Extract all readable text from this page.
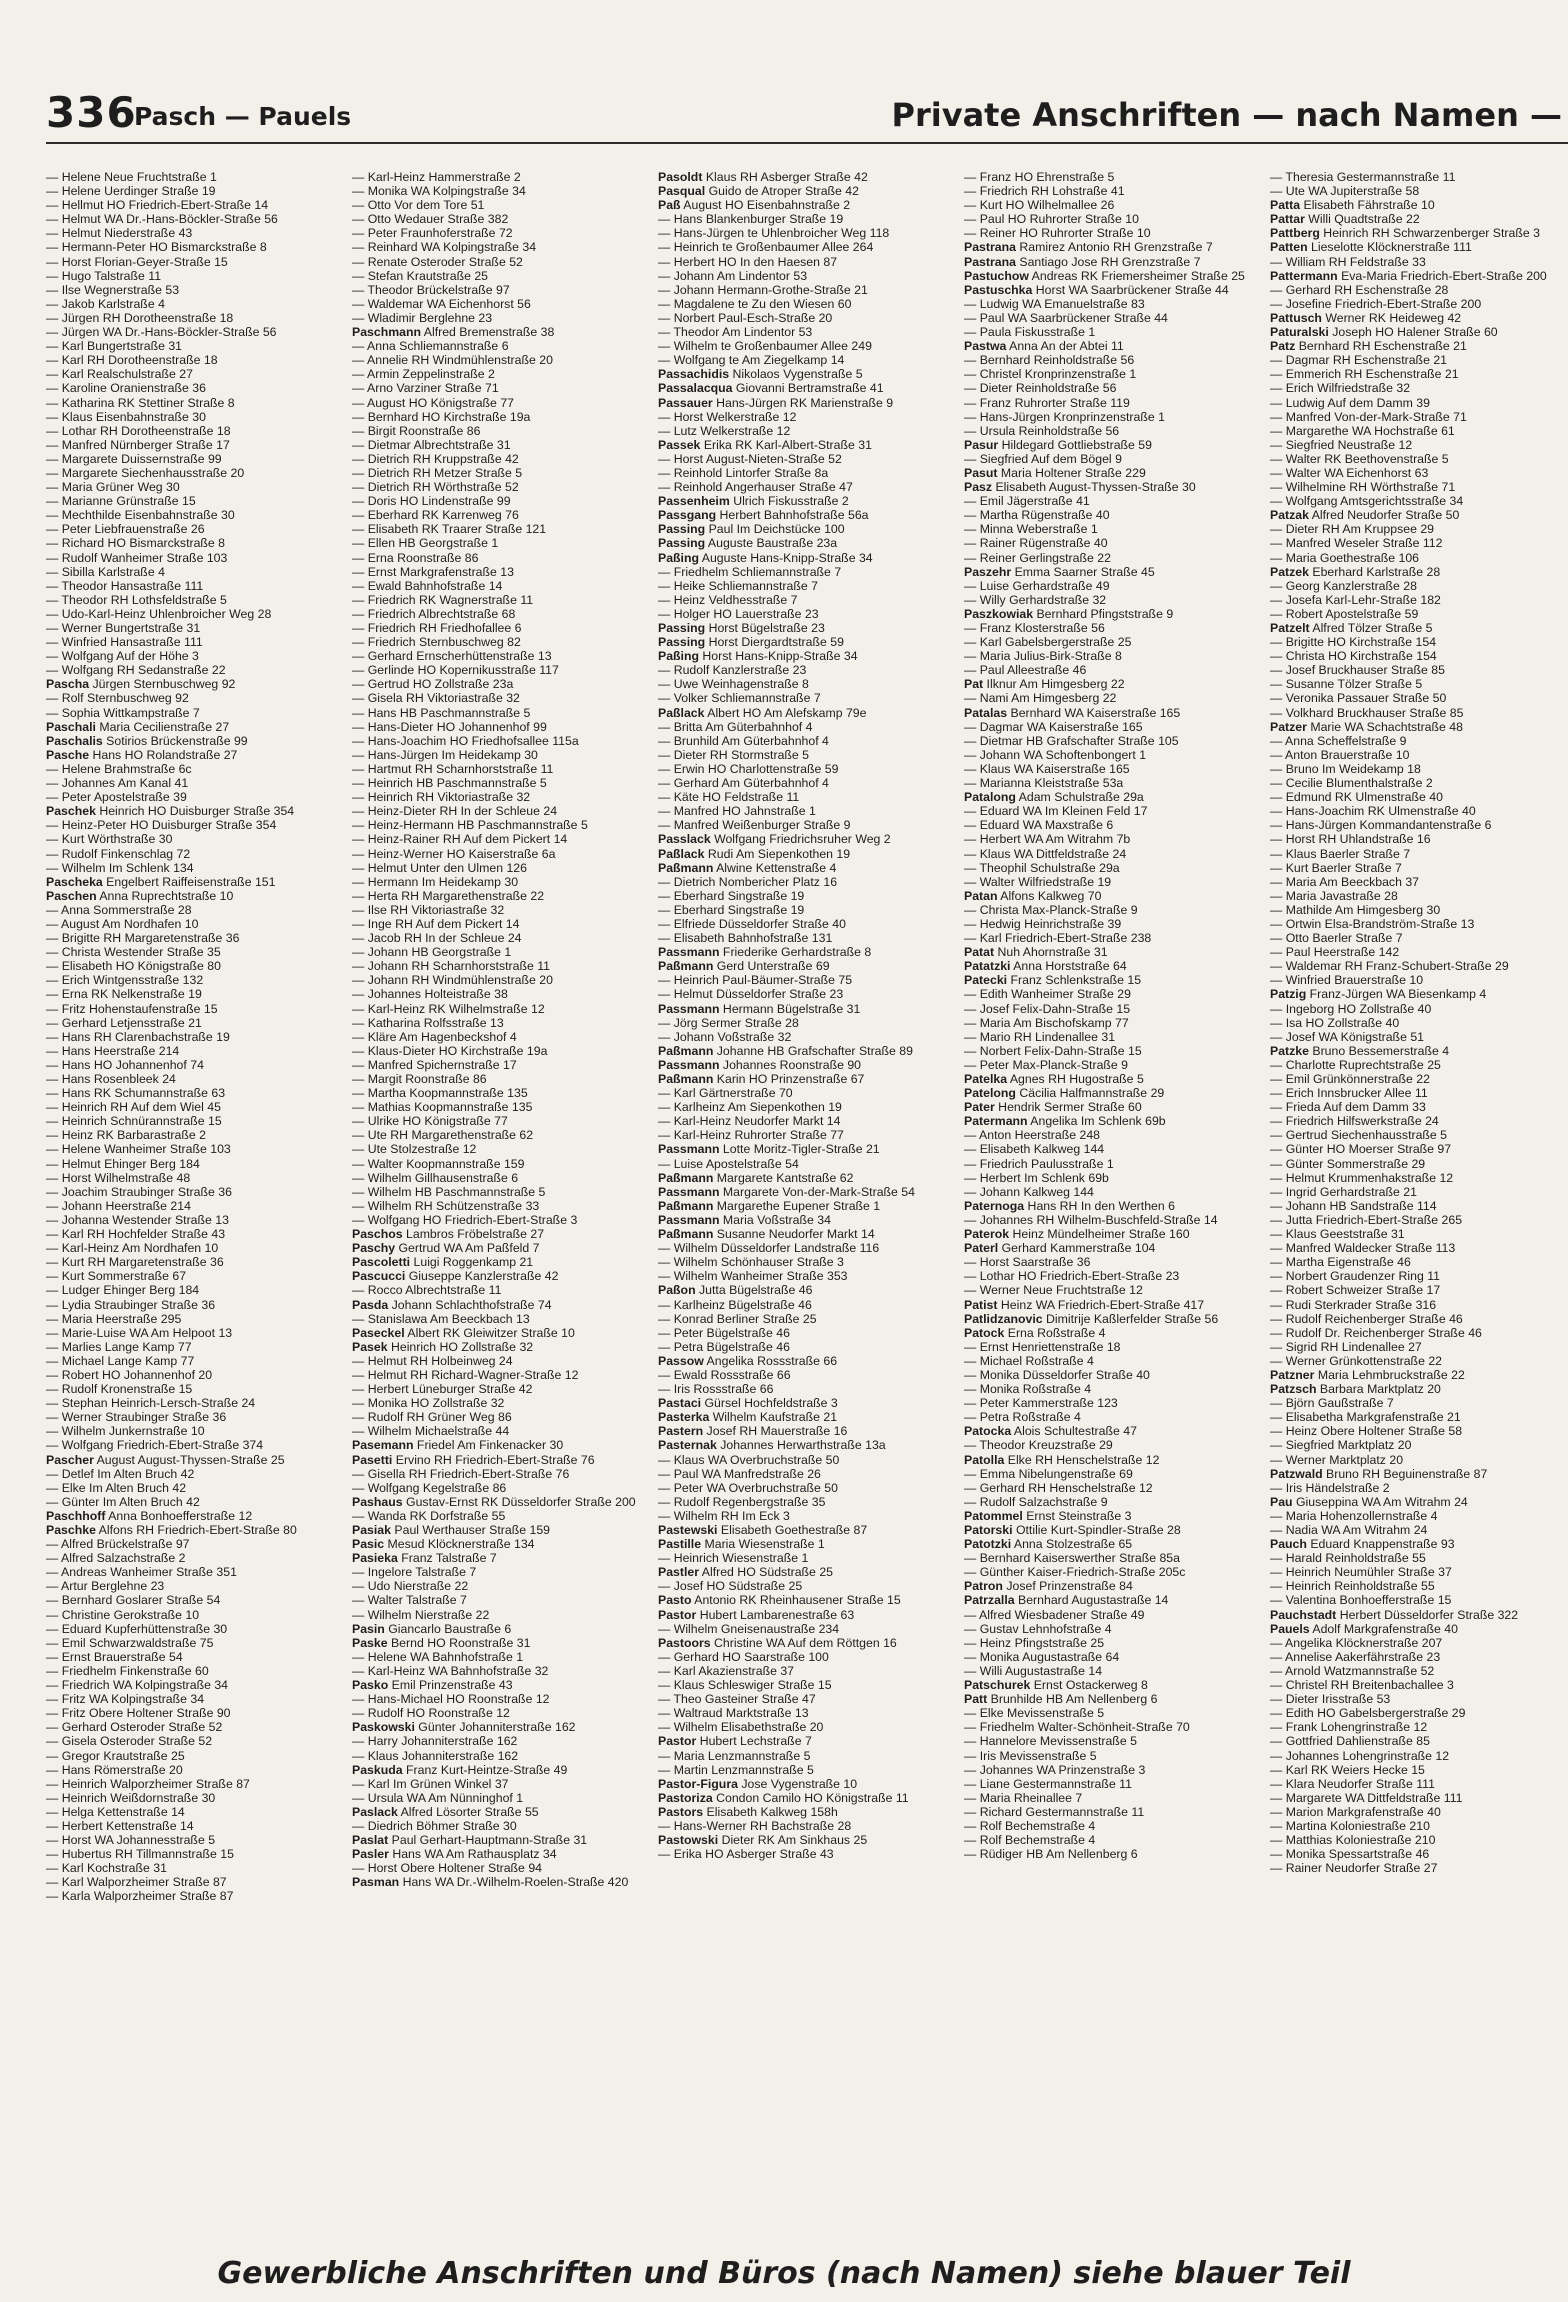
336
Pasch — Pauels	Private Anschriften — nach Namen —
— Helene Neue Fruchtstraße 1
— Helene Uerdinger Straße 19
— Hellmut HO Friedrich-Ebert-Straße 14
— Helmut WA Dr.-Hans-Böckler-Straße 56
— Helmut Niederstraße 43
— Hermann-Peter HO Bismarckstraße 8
— Horst Florian-Geyer-Straße 15
— Hugo Talstraße 11
— Ilse Wegnerstraße 53
— Jakob Karlstraße 4
— Jürgen RH Dorotheenstraße 18
— Jürgen WA Dr.-Hans-Böckler-Straße 56
— Karl Bungertstraße 31
— Karl RH Dorotheenstraße 18
— Karl Realschulstraße 27
— Karoline Oranienstraße 36
— Katharina RK Stettiner Straße 8
— Klaus Eisenbahnstraße 30
— Lothar RH Dorotheenstraße 18
— Manfred Nürnberger Straße 17
— Margarete Duissernstraße 99
— Margarete Siechenhausstraße 20
— Maria Grüner Weg 30
— Marianne Grünstraße 15
— Mechthilde Eisenbahnstraße 30
— Peter Liebfrauenstraße 26
— Richard HO Bismarckstraße 8
— Rudolf Wanheimer Straße 103
— Sibilla Karlstraße 4
— Theodor Hansastraße 111
— Theodor RH Lothsfeldstraße 5
— Udo-Karl-Heinz Uhlenbroicher Weg 28
— Werner Bungertstraße 31
— Winfried Hansastraße 111
— Wolfgang Auf der Höhe 3
— Wolfgang RH Sedanstraße 22
Pascha Jürgen Sternbuschweg 92
— Rolf Sternbuschweg 92
— Sophia Wittkampstraße 7
Paschali Maria Cecilienstraße 27
Paschalis Sotirios Brückenstraße 99
Pasche Hans HO Rolandstraße 27
— Helene Brahmstraße 6c
— Johannes Am Kanal 41
— Peter Apostelstraße 39
Paschek Heinrich HO Duisburger Straße 354
— Heinz-Peter HO Duisburger Straße 354
— Kurt Wörthstraße 30
— Rudolf Finkenschlag 72
— Wilhelm Im Schlenk 134
Pascheka Engelbert Raiffeisenstraße 151
Paschen Anna Ruprechtstraße 10
— Anna Sommerstraße 28
— August Am Nordhafen 10
— Brigitte RH Margaretenstraße 36
— Christa Westender Straße 35
— Elisabeth HO Königstraße 80
— Erich Wintgensstraße 132
— Erna RK Nelkenstraße 19
— Fritz Hohenstaufenstraße 15
— Gerhard Letjensstraße 21
— Hans RH Clarenbachstraße 19
— Hans Heerstraße 214
— Hans HO Johannenhof 74
— Hans Rosenbleek 24
— Hans RK Schumannstraße 63
— Heinrich RH Auf dem Wiel 45
— Heinrich Schnürannstraße 15
— Heinz RK Barbarastraße 2
— Helene Wanheimer Straße 103
— Helmut Ehinger Berg 184
— Horst Wilhelmstraße 48
— Joachim Straubinger Straße 36
— Johann Heerstraße 214
— Johanna Westender Straße 13
— Karl RH Hochfelder Straße 43
— Karl-Heinz Am Nordhafen 10
— Kurt RH Margaretenstraße 36
— Kurt Sommerstraße 67
— Ludger Ehinger Berg 184
— Lydia Straubinger Straße 36
— Maria Heerstraße 295
— Marie-Luise WA Am Helpoot 13
— Marlies Lange Kamp 77
— Michael Lange Kamp 77
— Robert HO Johannenhof 20
— Rudolf Kronenstraße 15
— Stephan Heinrich-Lersch-Straße 24
— Werner Straubinger Straße 36
— Wilhelm Junkernstraße 10
— Wolfgang Friedrich-Ebert-Straße 374
Pascher August August-Thyssen-Straße 25
— Detlef Im Alten Bruch 42
— Elke Im Alten Bruch 42
— Günter Im Alten Bruch 42
Paschhoff Anna Bonhoefferstraße 12
Paschke Alfons RH Friedrich-Ebert-Straße 80
— Alfred Brückelstraße 97
— Alfred Salzachstraße 2
— Andreas Wanheimer Straße 351
— Artur Berglehne 23
— Bernhard Goslarer Straße 54
— Christine Gerokstraße 10
— Eduard Kupferhüttenstraße 30
— Emil Schwarzwaldstraße 75
— Ernst Brauerstraße 54
— Friedhelm Finkenstraße 60
— Friedrich WA Kolpingstraße 34
— Fritz WA Kolpingstraße 34
— Fritz Obere Holtener Straße 90
— Gerhard Osteroder Straße 52
— Gisela Osteroder Straße 52
— Gregor Krautstraße 25
— Hans Römerstraße 20
— Heinrich Walporzheimer Straße 87
— Heinrich Weißdornstraße 30
— Helga Kettenstraße 14
— Herbert Kettenstraße 14
— Horst WA Johannesstraße 5
— Hubertus RH Tillmannstraße 15
— Karl Kochstraße 31
— Karl Walporzheimer Straße 87
— Karla Walporzheimer Straße 87
— Karl-Heinz Hammerstraße 2
— Monika WA Kolpingstraße 34
— Otto Vor dem Tore 51
— Otto Wedauer Straße 382
— Peter Fraunhoferstraße 72
— Reinhard WA Kolpingstraße 34
— Renate Osteroder Straße 52
— Stefan Krautstraße 25
— Theodor Brückelstraße 97
— Waldemar WA Eichenhorst 56
— Wladimir Berglehne 23
Paschmann Alfred Bremenstraße 38
— Anna Schliemannstraße 6
— Annelie RH Windmühlenstraße 20
— Armin Zeppelinstraße 2
— Arno Varziner Straße 71
— August HO Königstraße 77
— Bernhard HO Kirchstraße 19a
— Birgit Roonstraße 86
— Dietmar Albrechtstraße 31
— Dietrich RH Kruppstraße 42
— Dietrich RH Metzer Straße 5
— Dietrich RH Wörthstraße 52
— Doris HO Lindenstraße 99
— Eberhard RK Karrenweg 76
— Elisabeth RK Traarer Straße 121
— Ellen HB Georgstraße 1
— Erna Roonstraße 86
— Ernst Markgrafenstraße 13
— Ewald Bahnhofstraße 14
— Friedrich RK Wagnerstraße 11
— Friedrich Albrechtstraße 68
— Friedrich RH Friedhofallee 6
— Friedrich Sternbuschweg 82
— Gerhard Ernscherhüttenstraße 13
— Gerlinde HO Kopernikusstraße 117
— Gertrud HO Zollstraße 23a
— Gisela RH Viktoriastraße 32
— Hans HB Paschmannstraße 5
— Hans-Dieter HO Johannenhof 99
— Hans-Joachim HO Friedhofsallee 115a
— Hans-Jürgen Im Heidekamp 30
— Hartmut RH Scharnhorststraße 11
— Heinrich HB Paschmannstraße 5
— Heinrich RH Viktoriastraße 32
— Heinz-Dieter RH In der Schleue 24
— Heinz-Hermann HB Paschmannstraße 5
— Heinz-Rainer RH Auf dem Pickert 14
— Heinz-Werner HO Kaiserstraße 6a
— Helmut Unter den Ulmen 126
— Hermann Im Heidekamp 30
— Herta RH Margarethenstraße 22
— Ilse RH Viktoriastraße 32
— Inge RH Auf dem Pickert 14
— Jacob RH In der Schleue 24
— Johann HB Georgstraße 1
— Johann RH Scharnhorststraße 11
— Johann RH Windmühlenstraße 20
— Johannes Holteistraße 38
— Karl-Heinz RK Wilhelmstraße 12
— Katharina Rolfsstraße 13
— Kläre Am Hagenbeckshof 4
— Klaus-Dieter HO Kirchstraße 19a
— Manfred Spichernstraße 17
— Margit Roonstraße 86
— Martha Koopmannstraße 135
— Mathias Koopmannstraße 135
— Ulrike HO Königstraße 77
— Ute RH Margarethenstraße 62
— Ute Stolzestraße 12
— Walter Koopmannstraße 159
— Wilhelm Gillhausenstraße 6
— Wilhelm HB Paschmannstraße 5
— Wilhelm RH Schützenstraße 33
— Wolfgang HO Friedrich-Ebert-Straße 3
Paschos Lambros Fröbelstraße 27
Paschy Gertrud WA Am Paßfeld 7
Pascoletti Luigi Roggenkamp 21
Pascucci Giuseppe Kanzlerstraße 42
— Rocco Albrechtstraße 11
Pasda Johann Schlachthofstraße 74
— Stanislawa Am Beeckbach 13
Paseckel Albert RK Gleiwitzer Straße 10
Pasek Heinrich HO Zollstraße 32
— Helmut RH Holbeinweg 24
— Helmut RH Richard-Wagner-Straße 12
— Herbert Lüneburger Straße 42
— Monika HO Zollstraße 32
— Rudolf RH Grüner Weg 86
— Wilhelm Michaelstraße 44
Pasemann Friedel Am Finkenacker 30
Pasetti Ervino RH Friedrich-Ebert-Straße 76
— Gisella RH Friedrich-Ebert-Straße 76
— Wolfgang Kegelstraße 86
Pashaus Gustav-Ernst RK Düsseldorfer Straße 200
— Wanda RK Dorfstraße 55
Pasiak Paul Werthauser Straße 159
Pasic Mesud Klöcknerstraße 134
Pasieka Franz Talstraße 7
— Ingelore Talstraße 7
— Udo Nierstraße 22
— Walter Talstraße 7
— Wilhelm Nierstraße 22
Pasin Giancarlo Baustraße 6
Paske Bernd HO Roonstraße 31
— Helene WA Bahnhofstraße 1
— Karl-Heinz WA Bahnhofstraße 32
Pasko Emil Prinzenstraße 43
— Hans-Michael HO Roonstraße 12
— Rudolf HO Roonstraße 12
Paskowski Günter Johanniterstraße 162
— Harry Johanniterstraße 162
— Klaus Johanniterstraße 162
Paskuda Franz Kurt-Heintze-Straße 49
— Karl Im Grünen Winkel 37
— Ursula WA Am Nünninghof 1
Paslack Alfred Lösorter Straße 55
— Diedrich Böhmer Straße 30
Paslat Paul Gerhart-Hauptmann-Straße 31
Pasler Hans WA Am Rathausplatz 34
— Horst Obere Holtener Straße 94
Pasman Hans WA Dr.-Wilhelm-Roelen-Straße 420
Pasoldt Klaus RH Asberger Straße 42
Pasqual Guido de Atroper Straße 42
Paß August HO Eisenbahnstraße 2
— Hans Blankenburger Straße 19
— Hans-Jürgen te Uhlenbroicher Weg 118
— Heinrich te Großenbaumer Allee 264
— Herbert HO In den Haesen 87
— Johann Am Lindentor 53
— Johann Hermann-Grothe-Straße 21
— Magdalene te Zu den Wiesen 60
— Norbert Paul-Esch-Straße 20
— Theodor Am Lindentor 53
— Wilhelm te Großenbaumer Allee 249
— Wolfgang te Am Ziegelkamp 14
Passachidis Nikolaos Vygenstraße 5
Passalacqua Giovanni Bertramstraße 41
Passauer Hans-Jürgen RK Marienstraße 9
— Horst Welkerstraße 12
— Lutz Welkerstraße 12
Passek Erika RK Karl-Albert-Straße 31
— Horst August-Nieten-Straße 52
— Reinhold Lintorfer Straße 8a
— Reinhold Angerhauser Straße 47
Passenheim Ulrich Fiskusstraße 2
Passgang Herbert Bahnhofstraße 56a
Passing Paul Im Deichstücke 100
Passing Auguste Baustraße 23a
Paßing Auguste Hans-Knipp-Straße 34
— Friedhelm Schliemannstraße 7
— Heike Schliemannstraße 7
— Heinz Veldhesstraße 7
— Holger HO Lauerstraße 23
Passing Horst Bügelstraße 23
Passing Horst Diergardtstraße 59
Paßing Horst Hans-Knipp-Straße 34
— Rudolf Kanzlerstraße 23
— Uwe Weinhagenstraße 8
— Volker Schliemannstraße 7
Paßlack Albert HO Am Alefskamp 79e
— Britta Am Güterbahnhof 4
— Brunhild Am Güterbahnhof 4
— Dieter RH Stormstraße 5
— Erwin HO Charlottenstraße 59
— Gerhard Am Güterbahnhof 4
— Käte HO Feldstraße 11
— Manfred HO Jahnstraße 1
— Manfred Weißenburger Straße 9
Passlack Wolfgang Friedrichsruher Weg 2
Paßlack Rudi Am Siepenkothen 19
Paßmann Alwine Kettenstraße 4
— Dietrich Nombericher Platz 16
— Eberhard Singstraße 19
— Eberhard Singstraße 19
— Elfriede Düsseldorfer Straße 40
— Elisabeth Bahnhofstraße 131
Passmann Friederike Gerhardstraße 8
Paßmann Gerd Unterstraße 69
— Heinrich Paul-Bäumer-Straße 75
— Helmut Düsseldorfer Straße 23
Passmann Hermann Bügelstraße 31
— Jörg Sermer Straße 28
— Johann Voßstraße 32
Paßmann Johanne HB Grafschafter Straße 89
Passmann Johannes Roonstraße 90
Paßmann Karin HO Prinzenstraße 67
— Karl Gärtnerstraße 70
— Karlheinz Am Siepenkothen 19
— Karl-Heinz Neudorfer Markt 14
— Karl-Heinz Ruhrorter Straße 77
Passmann Lotte Moritz-Tigler-Straße 21
— Luise Apostelstraße 54
Paßmann Margarete Kantstraße 62
Passmann Margarete Von-der-Mark-Straße 54
Paßmann Margarethe Eupener Straße 1
Passmann Maria Voßstraße 34
Paßmann Susanne Neudorfer Markt 14
— Wilhelm Düsseldorfer Landstraße 116
— Wilhelm Schönhauser Straße 3
— Wilhelm Wanheimer Straße 353
Paßon Jutta Bügelstraße 46
— Karlheinz Bügelstraße 46
— Konrad Berliner Straße 25
— Peter Bügelstraße 46
— Petra Bügelstraße 46
Passow Angelika Rossstraße 66
— Ewald Rossstraße 66
— Iris Rossstraße 66
Pastaci Gürsel Hochfeldstraße 3
Pasterka Wilhelm Kaufstraße 21
Pastern Josef RH Mauerstraße 16
Pasternak Johannes Herwarthstraße 13a
— Klaus WA Overbruchstraße 50
— Paul WA Manfredstraße 26
— Peter WA Overbruchstraße 50
— Rudolf Regenbergstraße 35
— Wilhelm RH Im Eck 3
Pastewski Elisabeth Goethestraße 87
Pastille Maria Wiesenstraße 1
— Heinrich Wiesenstraße 1
Pastler Alfred HO Südstraße 25
— Josef HO Südstraße 25
Pasto Antonio RK Rheinhausener Straße 15
Pastor Hubert Lambarenestraße 63
— Wilhelm Gneisenaustraße 234
Pastoors Christine WA Auf dem Röttgen 16
— Gerhard HO Saarstraße 100
— Karl Akazienstraße 37
— Klaus Schleswiger Straße 15
— Theo Gasteiner Straße 47
— Waltraud Marktstraße 13
— Wilhelm Elisabethstraße 20
Pastor Hubert Lechstraße 7
— Maria Lenzmannstraße 5
— Martin Lenzmannstraße 5
Pastor-Figura Jose Vygenstraße 10
Pastoriza Condon Camilo HO Königstraße 11
Pastors Elisabeth Kalkweg 158h
— Hans-Werner RH Bachstraße 28
Pastowski Dieter RK Am Sinkhaus 25
— Erika HO Asberger Straße 43
— Franz HO Ehrenstraße 5
— Friedrich RH Lohstraße 41
— Kurt HO Wilhelmallee 26
— Paul HO Ruhrorter Straße 10
— Reiner HO Ruhrorter Straße 10
Pastrana Ramirez Antonio RH Grenzstraße 7
Pastrana Santiago Jose RH Grenzstraße 7
Pastuchow Andreas RK Friemersheimer Straße 25
Pastuschka Horst WA Saarbrückener Straße 44
— Ludwig WA Emanuelstraße 83
— Paul WA Saarbrückener Straße 44
— Paula Fiskusstraße 1
Pastwa Anna An der Abtei 11
— Bernhard Reinholdstraße 56
— Christel Kronprinzenstraße 1
— Dieter Reinholdstraße 56
— Franz Ruhrorter Straße 119
— Hans-Jürgen Kronprinzenstraße 1
— Ursula Reinholdstraße 56
Pasur Hildegard Gottliebstraße 59
— Siegfried Auf dem Bögel 9
Pasut Maria Holtener Straße 229
Pasz Elisabeth August-Thyssen-Straße 30
— Emil Jägerstraße 41
— Martha Rügenstraße 40
— Minna Weberstraße 1
— Rainer Rügenstraße 40
— Reiner Gerlingstraße 22
Paszehr Emma Saarner Straße 45
— Luise Gerhardstraße 49
— Willy Gerhardstraße 32
Paszkowiak Bernhard Pfingststraße 9
— Franz Klosterstraße 56
— Karl Gabelsbergerstraße 25
— Maria Julius-Birk-Straße 8
— Paul Alleestraße 46
Pat Ilknur Am Himgesberg 22
— Nami Am Himgesberg 22
Patalas Bernhard WA Kaiserstraße 165
— Dagmar WA Kaiserstraße 165
— Dietmar HB Grafschafter Straße 105
— Johann WA Schoftenbongert 1
— Klaus WA Kaiserstraße 165
— Marianna Kleiststraße 53a
Patalong Adam Schulstraße 29a
— Eduard WA Im Kleinen Feld 17
— Eduard WA Maxstraße 6
— Herbert WA Am Witrahm 7b
— Klaus WA Dittfeldstraße 24
— Theophil Schulstraße 29a
— Walter Wilfriedstraße 19
Patan Alfons Kalkweg 70
— Christa Max-Planck-Straße 9
— Hedwig Heinrichstraße 39
— Karl Friedrich-Ebert-Straße 238
Patat Nuh Ahornstraße 31
Patatzki Anna Horststraße 64
Patecki Franz Schlenkstraße 15
— Edith Wanheimer Straße 29
— Josef Felix-Dahn-Straße 15
— Maria Am Bischofskamp 77
— Mario RH Lindenallee 31
— Norbert Felix-Dahn-Straße 15
— Peter Max-Planck-Straße 9
Patelka Agnes RH Hugostraße 5
Patelong Cäcilia Halfmannstraße 29
Pater Hendrik Sermer Straße 60
Patermann Angelika Im Schlenk 69b
— Anton Heerstraße 248
— Elisabeth Kalkweg 144
— Friedrich Paulusstraße 1
— Herbert Im Schlenk 69b
— Johann Kalkweg 144
Paternoga Hans RH In den Werthen 6
— Johannes RH Wilhelm-Buschfeld-Straße 14
Paterok Heinz Mündelheimer Straße 160
Paterl Gerhard Kammerstraße 104
— Horst Saarstraße 36
— Lothar HO Friedrich-Ebert-Straße 23
— Werner Neue Fruchtstraße 12
Patist Heinz WA Friedrich-Ebert-Straße 417
Patlidzanovic Dimitrije Kaßlerfelder Straße 56
Patock Erna Roßstraße 4
— Ernst Henriettenstraße 18
— Michael Roßstraße 4
— Monika Düsseldorfer Straße 40
— Monika Roßstraße 4
— Peter Kammerstraße 123
— Petra Roßstraße 4
Patocka Alois Schultestraße 47
— Theodor Kreuzstraße 29
Patolla Elke RH Henschelstraße 12
— Emma Nibelungenstraße 69
— Gerhard RH Henschelstraße 12
— Rudolf Salzachstraße 9
Patommel Ernst Steinstraße 3
Patorski Ottilie Kurt-Spindler-Straße 28
Patotzki Anna Stolzestraße 65
— Bernhard Kaiserswerther Straße 85a
— Günther Kaiser-Friedrich-Straße 205c
Patron Josef Prinzenstraße 84
Patrzalla Bernhard Augustastraße 14
— Alfred Wiesbadener Straße 49
— Gustav Lehnhofstraße 4
— Heinz Pfingststraße 25
— Monika Augustastraße 64
— Willi Augustastraße 14
Patschurek Ernst Ostackerweg 8
Patt Brunhilde HB Am Nellenberg 6
— Elke Mevissenstraße 5
— Friedhelm Walter-Schönheit-Straße 70
— Hannelore Mevissenstraße 5
— Iris Mevissenstraße 5
— Johannes WA Prinzenstraße 3
— Liane Gestermannstraße 11
— Maria Rheinallee 7
— Richard Gestermannstraße 11
— Rolf Bechemstraße 4
— Rolf Bechemstraße 4
— Rüdiger HB Am Nellenberg 6
— Theresia Gestermannstraße 11
— Ute WA Jupiterstraße 58
Patta Elisabeth Fährstraße 10
Pattar Willi Quadtstraße 22
Pattberg Heinrich RH Schwarzenberger Straße 3
Patten Lieselotte Klöcknerstraße 111
— William RH Feldstraße 33
Pattermann Eva-Maria Friedrich-Ebert-Straße 200
— Gerhard RH Eschenstraße 28
— Josefine Friedrich-Ebert-Straße 200
Pattusch Werner RK Heideweg 42
Paturalski Joseph HO Halener Straße 60
Patz Bernhard RH Eschenstraße 21
— Dagmar RH Eschenstraße 21
— Emmerich RH Eschenstraße 21
— Erich Wilfriedstraße 32
— Ludwig Auf dem Damm 39
— Manfred Von-der-Mark-Straße 71
— Margarethe WA Hochstraße 61
— Siegfried Neustraße 12
— Walter RK Beethovenstraße 5
— Walter WA Eichenhorst 63
— Wilhelmine RH Wörthstraße 71
— Wolfgang Amtsgerichtsstraße 34
Patzak Alfred Neudorfer Straße 50
— Dieter RH Am Kruppsee 29
— Manfred Weseler Straße 112
— Maria Goethestraße 106
Patzek Eberhard Karlstraße 28
— Georg Kanzlerstraße 28
— Josefa Karl-Lehr-Straße 182
— Robert Apostelstraße 59
Patzelt Alfred Tölzer Straße 5
— Brigitte HO Kirchstraße 154
— Christa HO Kirchstraße 154
— Josef Bruckhauser Straße 85
— Susanne Tölzer Straße 5
— Veronika Passauer Straße 50
— Volkhard Bruckhauser Straße 85
Patzer Marie WA Schachtstraße 48
— Anna Scheffelstraße 9
— Anton Brauerstraße 10
— Bruno Im Weidekamp 18
— Cecilie Blumenthalstraße 2
— Edmund RK Ulmenstraße 40
— Hans-Joachim RK Ulmenstraße 40
— Hans-Jürgen Kommandantenstraße 6
— Horst RH Uhlandstraße 16
— Klaus Baerler Straße 7
— Kurt Baerler Straße 7
— Maria Am Beeckbach 37
— Maria Javastraße 28
— Mathilde Am Himgesberg 30
— Ortwin Elsa-Brandström-Straße 13
— Otto Baerler Straße 7
— Paul Heerstraße 142
— Waldemar RH Franz-Schubert-Straße 29
— Winfried Brauerstraße 10
Patzig Franz-Jürgen WA Biesenkamp 4
— Ingeborg HO Zollstraße 40
— Isa HO Zollstraße 40
— Josef WA Königstraße 51
Patzke Bruno Bessemerstraße 4
— Charlotte Ruprechtstraße 25
— Emil Grünkönnerstraße 22
— Erich Innsbrucker Allee 11
— Frieda Auf dem Damm 33
— Friedrich Hilfswerkstraße 24
— Gertrud Siechenhausstraße 5
— Günter HO Moerser Straße 97
— Günter Sommerstraße 29
— Helmut Krummenhakstraße 12
— Ingrid Gerhardstraße 21
— Johann HB Sandstraße 114
— Jutta Friedrich-Ebert-Straße 265
— Klaus Geeststraße 31
— Manfred Waldecker Straße 113
— Martha Eigenstraße 46
— Norbert Graudenzer Ring 11
— Robert Schweizer Straße 17
— Rudi Sterkrader Straße 316
— Rudolf Reichenberger Straße 46
— Rudolf Dr. Reichenberger Straße 46
— Sigrid RH Lindenallee 27
— Werner Grünkottenstraße 22
Patzner Maria Lehmbruckstraße 22
Patzsch Barbara Marktplatz 20
— Björn Gaußstraße 7
— Elisabetha Markgrafenstraße 21
— Heinz Obere Holtener Straße 58
— Siegfried Marktplatz 20
— Werner Marktplatz 20
Patzwald Bruno RH Beguinenstraße 87
— Iris Händelstraße 2
Pau Giuseppina WA Am Witrahm 24
— Maria Hohenzollernstraße 4
— Nadia WA Am Witrahm 24
Pauch Eduard Knappenstraße 93
— Harald Reinholdstraße 55
— Heinrich Neumühler Straße 37
— Heinrich Reinholdstraße 55
— Valentina Bonhoefferstraße 15
Pauchstadt Herbert Düsseldorfer Straße 322
Pauels Adolf Markgrafenstraße 40
— Angelika Klöcknerstraße 207
— Annelise Aakerfährstraße 23
— Arnold Watzmannstraße 52
— Christel RH Breitenbachallee 3
— Dieter Irisstraße 53
— Edith HO Gabelsbergerstraße 29
— Frank Lohengrinstraße 12
— Gottfried Dahlienstraße 85
— Johannes Lohengrinstraße 12
— Karl RK Weiers Hecke 15
— Klara Neudorfer Straße 111
— Margarete WA Dittfeldstraße 111
— Marion Markgrafenstraße 40
— Martina Koloniestraße 210
— Matthias Koloniestraße 210
— Monika Spessartstraße 46
— Rainer Neudorfer Straße 27
Gewerbliche Anschriften und Büros (nach Namen) siehe blauer Teil
